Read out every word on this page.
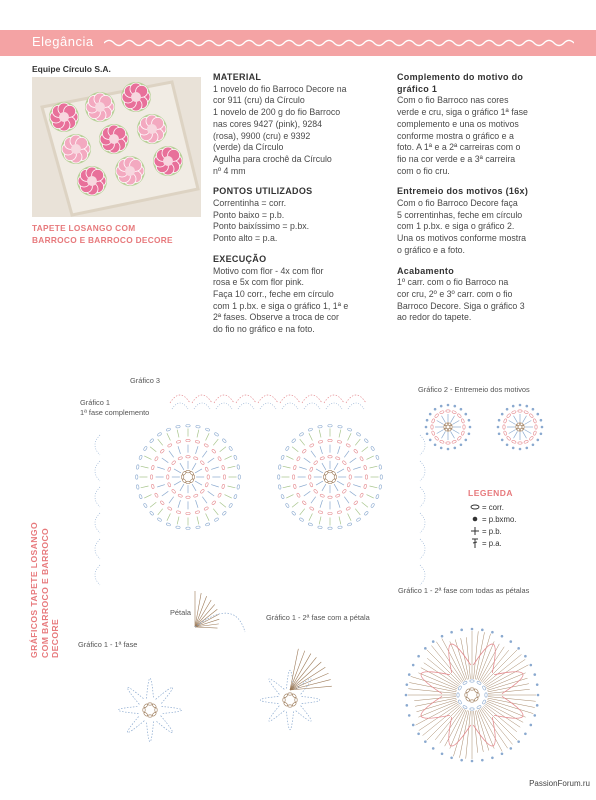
Elegância
Equipe Círculo S.A.
TAPETE LOSANGO COM
BARROCO E BARROCO DECORE
MATERIAL
1 novelo do fio Barroco Decore na
cor 911 (cru) da Círculo
1 novelo de 200 g do fio Barroco
nas cores 9427 (pink), 9284
(rosa), 9900 (cru) e 9392
(verde) da Círculo
Agulha para crochê da Círculo
nº 4 mm
PONTOS UTILIZADOS
Correntinha = corr.
Ponto baixo = p.b.
Ponto baixíssimo = p.bx.
Ponto alto = p.a.
EXECUÇÃO
Motivo com flor - 4x com flor
rosa e 5x com flor pink.
Faça 10 corr., feche em círculo
com 1 p.bx. e siga o gráfico 1, 1ª e
2ª fases. Observe a troca de cor
do fio no gráfico e na foto.
Complemento do motivo do
gráfico 1
Com o fio Barroco nas cores
verde e cru, siga o gráfico 1ª fase
complemento e una os motivos
conforme mostra o gráfico e a
foto. A 1ª e a 2ª carreiras com o
fio na cor verde e a 3ª carreira
com o fio cru.
Entremeio dos motivos (16x)
Com o fio Barroco Decore faça
5 correntinhas, feche em círculo
com 1 p.bx. e siga o gráfico 2.
Una os motivos conforme mostra
o gráfico e a foto.
Acabamento
1º carr. com o fio Barroco na
cor cru, 2º e 3º carr. com o fio
Barroco Decore. Siga o gráfico 3
ao redor do tapete.
Gráfico 3
Gráfico 1
1ª fase complemento
Gráfico 2 - Entremeio dos motivos
Pétala
Gráfico 1 - 2ª fase com a pétala
Gráfico 1 - 1ª fase
Gráfico 1 - 2ª fase com todas as pétalas
GRÁFICOS TAPETE LOSANGO COM BARROCO E BARROCO DECORE
LEGENDA
= corr.
= p.bxmo.
= p.b.
= p.a.
PassionForum.ru
